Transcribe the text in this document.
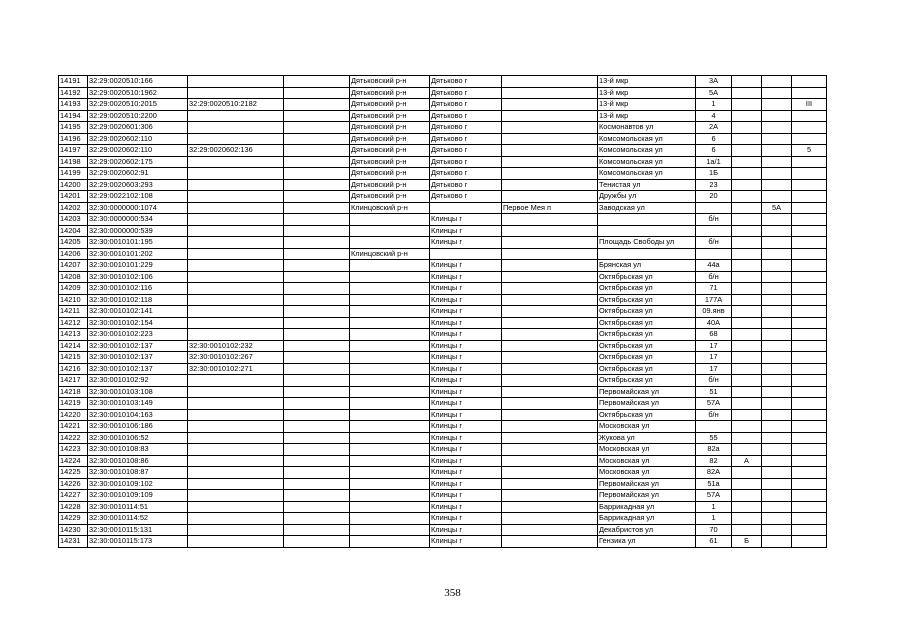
14191	32:29:0020510:166			Дятьковский р-н	Дятьково г		13-й мкр	3А			
14192	32:29:0020510:1962			Дятьковский р-н	Дятьково г		13-й мкр	5А			
14193	32:29:0020510:2015	32:29:0020510:2182		Дятьковский р-н	Дятьково г		13-й мкр	1			III
14194	32:29:0020510:2200			Дятьковский р-н	Дятьково г		13-й мкр	4			
14195	32:29:0020601:306			Дятьковский р-н	Дятьково г		Космонавтов ул	2А			
14196	32:29:0020602:110			Дятьковский р-н	Дятьково г		Комсомольская ул	6			
14197	32:29:0020602:110	32:29:0020602:136		Дятьковский р-н	Дятьково г		Комсомольская ул	6			5
14198	32:29:0020602:175			Дятьковский р-н	Дятьково г		Комсомольская ул	1а/1			
14199	32:29:0020602:91			Дятьковский р-н	Дятьково г		Комсомольская ул	1Б			
14200	32:29:0020603:293			Дятьковский р-н	Дятьково г		Тенистая ул	23			
14201	32:29:0022102:108			Дятьковский р-н	Дятьково г		Дружбы ул	20			
14202	32:30:0000000:1074			Клинцовский р-н		Первое Мея п	Заводская ул			5А	
14203	32:30:0000000:534				Клинцы г			б/н			
14204	32:30:0000000:539				Клинцы г						
14205	32:30:0010101:195				Клинцы г		Площадь Свободы ул	б/н			
14206	32:30:0010101:202			Клинцовский р-н							
14207	32:30:0010101:229				Клинцы г		Брянская ул	44а			
14208	32:30:0010102:106				Клинцы г		Октябрьская ул	б/н			
14209	32:30:0010102:116				Клинцы г		Октябрьская ул	71			
14210	32:30:0010102:118				Клинцы г		Октябрьская ул	177А			
14211	32:30:0010102:141				Клинцы г		Октябрьская ул	09.янв			
14212	32:30:0010102:154				Клинцы г		Октябрьская ул	40А			
14213	32:30:0010102:223				Клинцы г		Октябрьская ул	68			
14214	32:30:0010102:137	32:30:0010102:232			Клинцы г		Октябрьская ул	17			
14215	32:30:0010102:137	32:30:0010102:267			Клинцы г		Октябрьская ул	17			
14216	32:30:0010102:137	32:30:0010102:271			Клинцы г		Октябрьская ул	17			
14217	32:30:0010102:92				Клинцы г		Октябрьская ул	б/н			
14218	32:30:0010103:108				Клинцы г		Первомайская ул	51			
14219	32:30:0010103:149				Клинцы г		Первомайская ул	57А			
14220	32:30:0010104:163				Клинцы г		Октябрьская ул	б/н			
14221	32:30:0010106:186				Клинцы г		Московская ул				
14222	32:30:0010106:52				Клинцы г		Жукова ул	55			
14223	32:30:0010108:83				Клинцы г		Московская ул	82а			
14224	32:30:0010108:86				Клинцы г		Московская ул	82	А		
14225	32:30:0010108:87				Клинцы г		Московская ул	82А			
14226	32:30:0010109:102				Клинцы г		Первомайская ул	51а			
14227	32:30:0010109:109				Клинцы г		Первомайская ул	57А			
14228	32:30:0010114:51				Клинцы г		Баррикадная ул	1			
14229	32:30:0010114:52				Клинцы г		Баррикадная ул	1			
14230	32:30:0010115:131				Клинцы г		Декабристов ул	70			
14231	32:30:0010115:173				Клинцы г		Гензика ул	61	Б		
358
